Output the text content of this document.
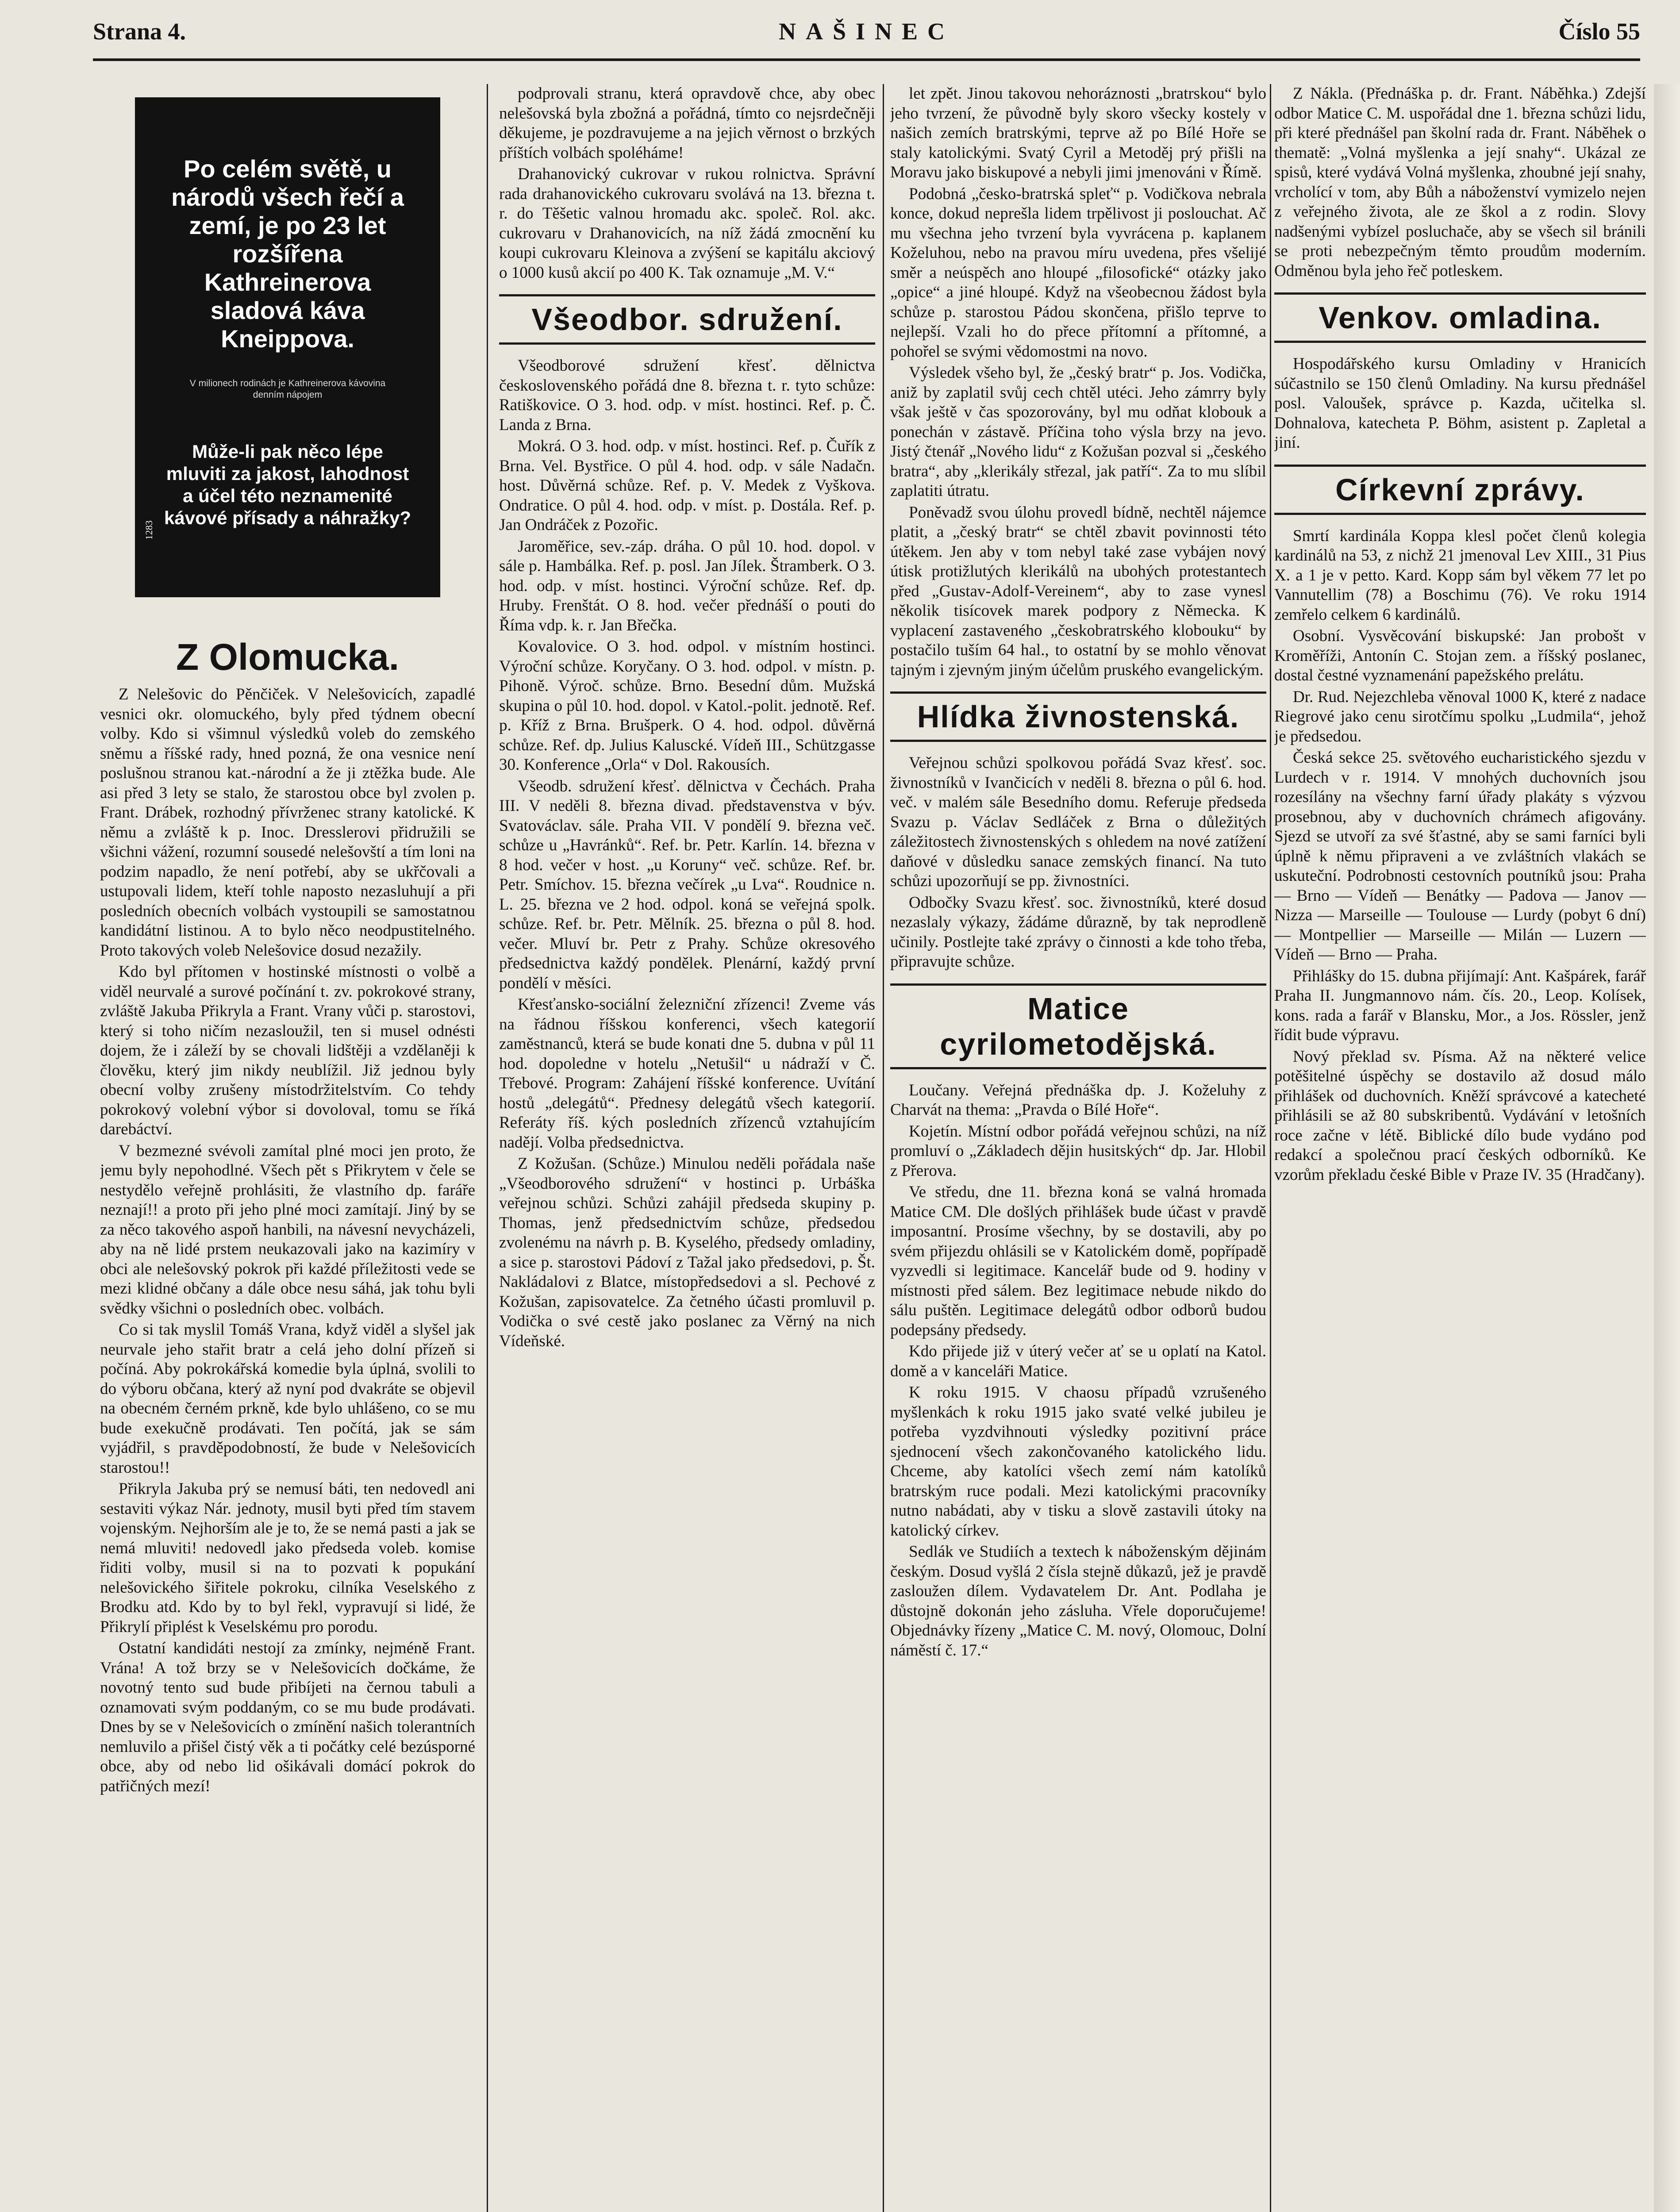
Strana 4.	NAŠINEC	Číslo 55
Po celém světě, u národů všech řečí a zemí, je po 23 let rozšířena Kathreinerova sladová káva Kneippova.
V milionech rodinách je Kathreinerova kávovina denním nápojem
Může-li pak něco lépe mluviti za jakost, lahodnost a účel této neznamenité kávové přísady a náhražky?
1283
Z Olomucka.

Z Nelešovic do Pěnčiček. V Nelešovicích, zapadlé vesnici okr. olomuckého, byly před týdnem obecní volby. Kdo si všimnul výsledků voleb do zemského sněmu a říšské rady, hned pozná, že ona vesnice není poslušnou stranou kat.-národní a že ji ztěžka bude. Ale asi před 3 lety se stalo, že starostou obce byl zvolen p. Frant. Drábek, rozhodný přívrženec strany katolické. K němu a zvláště k p. Inoc. Dresslerovi přidružili se všichni vážení, rozumní sousedé nelešovští a tím loni na podzim napadlo, že není potřebí, aby se ukřčovali a ustupovali lidem, kteří tohle naposto nezasluhují a při posledních obecních volbách vystoupili se samostatnou kandidátní listinou. A to bylo něco neodpustitelného. Proto takových voleb Nelešovice dosud nezažily.

Kdo byl přítomen v hostinské místnosti o volbě a viděl neurvalé a surové počínání t. zv. pokrokové strany, zvláště Jakuba Přikryla a Frant. Vrany vůči p. starostovi, který si toho ničím nezasloužil, ten si musel odnésti dojem, že i záleží by se chovali lidštěji a vzdělaněji k člověku, který jim nikdy neublížil. Již jednou byly obecní volby zrušeny místodržitelstvím. Co tehdy pokrokový volební výbor si dovoloval, tomu se říká darebáctví.

V bezmezné svévoli zamítal plné moci jen proto, že jemu byly nepohodlné. Všech pět s Přikrytem v čele se nestydělo veřejně prohlásiti, že vlastního dp. faráře neznají!! a proto při jeho plné moci zamítají. Jiný by se za něco takového aspoň hanbili, na návesní nevycházeli, aby na ně lidé prstem neukazovali jako na kazimíry v obci ale nelešovský pokrok při každé příležitosti vede se mezi klidné občany a dále obce nesu sáhá, jak tohu byli svědky všichni o posledních obec. volbách.

Co si tak myslil Tomáš Vrana, když viděl a slyšel jak neurvale jeho stařit bratr a celá jeho dolní přízeň si počíná. Aby pokrokářská komedie byla úplná, svolili to do výboru občana, který až nyní pod dvakráte se objevil na obecném černém prkně, kde bylo uhlášeno, co se mu bude exekučně prodávati. Ten počítá, jak se sám vyjádřil, s pravděpodobností, že bude v Nelešovicích starostou!!

Přikryla Jakuba prý se nemusí báti, ten nedovedl ani sestaviti výkaz Nár. jednoty, musil byti před tím stavem vojenským. Nejhorším ale je to, že se nemá pasti a jak se nemá mluviti! nedovedl jako předseda voleb. komise řiditi volby, musil si na to pozvati k popukání nelešovického šiřitele pokroku, cilníka Veselského z Brodku atd. Kdo by to byl řekl, vypravují si lidé, že Přikrylí připlést k Veselskému pro porodu.

Ostatní kandidáti nestojí za zmínky, nejméně Frant. Vrána! A tož brzy se v Nelešovicích dočkáme, že novotný tento sud bude přibíjeti na černou tabuli a oznamovati svým poddaným, co se mu bude prodávati. Dnes by se v Nelešovicích o zmínění našich tolerantních nemluvilo a přišel čistý věk a ti počátky celé bezúsporné obce, aby od nebo lid ošikávali domácí pokrok do patřičných mezí!

podprovali stranu, která opravdově chce, aby obec nelešovská byla zbožná a pořádná, tímto co nejsrdečněji děkujeme, je pozdravujeme a na jejich věrnost o brzkých příštích volbách spoléháme!

Drahanovický cukrovar v rukou rolnictva. Správní rada drahanovického cukrovaru svolává na 13. března t. r. do Těšetic valnou hromadu akc. společ. Rol. akc. cukrovaru v Drahanovicích, na níž žádá zmocnění ku koupi cukrovaru Kleinova a zvýšení se kapitálu akciový o 1000 kusů akcií po 400 K. Tak oznamuje „M. V.“

Všeodbor. sdružení.

Všeodborové sdružení křesť. dělnictva československého pořádá dne 8. března t. r. tyto schůze: Ratiškovice. O 3. hod. odp. v míst. hostinci. Ref. p. Č. Landa z Brna.

Mokrá. O 3. hod. odp. v míst. hostinci. Ref. p. Čuřík z Brna. Vel. Bystřice. O půl 4. hod. odp. v sále Nadačn. host. Důvěrná schůze. Ref. p. V. Medek z Vyškova. Ondratice. O půl 4. hod. odp. v míst. p. Dostála. Ref. p. Jan Ondráček z Pozořic.

Jaroměřice, sev.-záp. dráha. O půl 10. hod. dopol. v sále p. Hambálka. Ref. p. posl. Jan Jílek. Štramberk. O 3. hod. odp. v míst. hostinci. Výroční schůze. Ref. dp. Hruby. Frenštát. O 8. hod. večer přednáší o pouti do Říma vdp. k. r. Jan Břečka.

Kovalovice. O 3. hod. odpol. v místním hostinci. Výroční schůze. Koryčany. O 3. hod. odpol. v místn. p. Pihoně. Výroč. schůze. Brno. Besední dům. Mužská skupina o půl 10. hod. dopol. v Katol.-polit. jednotě. Ref. p. Kříž z Brna. Brušperk. O 4. hod. odpol. důvěrná schůze. Ref. dp. Julius Kaluscké. Vídeň III., Schützgasse 30. Konference „Orla“ v Dol. Rakousích.

Všeodb. sdružení křesť. dělnictva v Čechách. Praha III. V neděli 8. března divad. představenstva v býv. Svatováclav. sále. Praha VII. V pondělí 9. března več. schůze u „Havránků“. Ref. br. Petr. Karlín. 14. března v 8 hod. večer v host. „u Koruny“ več. schůze. Ref. br. Petr. Smíchov. 15. března večírek „u Lva“. Roudnice n. L. 25. března ve 2 hod. odpol. koná se veřejná spolk. schůze. Ref. br. Petr. Mělník. 25. března o půl 8. hod. večer. Mluví br. Petr z Prahy. Schůze okresového předsednictva každý pondělek. Plenární, každý první pondělí v měsíci.

Křesťansko-sociální železniční zřízenci! Zveme vás na řádnou říšskou konferenci, všech kategorií zaměstnanců, která se bude konati dne 5. dubna v půl 11 hod. dopoledne v hotelu „Netušil“ u nádraží v Č. Třebové. Program: Zahájení říšské konference. Uvítání hostů „delegátů“. Přednesy delegátů všech kategorií. Referáty říš. kých posledních zřízenců vztahujícím nadějí. Volba předsednictva.

Z Kožušan. (Schůze.) Minulou neděli pořádala naše „Všeodborového sdružení“ v hostinci p. Urbáška veřejnou schůzi. Schůzi zahájil předseda skupiny p. Thomas, jenž předsednictvím schůze, předsedou zvolenému na návrh p. B. Kyselého, předsedy omladiny, a sice p. starostovi Pádoví z Tažal jako předsedovi, p. Št. Nakládalovi z Blatce, místopředsedovi a sl. Pechové z Kožušan, zapisovatelce. Za četného účasti promluvil p. Vodička o své cestě jako poslanec za Věrný na nich Vídeňské.

let zpět. Jinou takovou nehoráznosti „bratrskou“ bylo jeho tvrzení, že původně byly skoro všecky kostely v našich zemích bratrskými, teprve až po Bílé Hoře se staly katolickými. Svatý Cyril a Metoděj prý přišli na Moravu jako biskupové a nebyli jimi jmenováni v Římě.

Podobná „česko-bratrská spleť“ p. Vodičkova nebrala konce, dokud neprešla lidem trpělivost ji poslouchat. Ač mu všechna jeho tvrzení byla vyvrácena p. kaplanem Koželuhou, nebo na pravou míru uvedena, přes všelijé směr a neúspěch ano hloupé „filosofické“ otázky jako „opice“ a jiné hloupé. Když na všeobecnou žádost byla schůze p. starostou Pádou skončena, přišlo teprve to nejlepší. Vzali ho do přece přítomní a přítomné, a pohořel se svými vědomostmi na novo.

Výsledek všeho byl, že „český bratr“ p. Jos. Vodička, aniž by zaplatil svůj cech chtěl utéci. Jeho zámrry byly však ještě v čas spozorovány, byl mu odňat klobouk a ponechán v zástavě. Příčina toho výsla brzy na jevo. Jistý čtenář „Nového lidu“ z Kožušan pozval si „českého bratra“, aby „klerikály střezal, jak patří“. Za to mu slíbil zaplatiti útratu.

Poněvadž svou úlohu provedl bídně, nechtěl nájemce platit, a „český bratr“ se chtěl zbavit povinnosti této útěkem. Jen aby v tom nebyl také zase vybájen nový útisk protižlutých klerikálů na ubohých protestantech před „Gustav-Adolf-Vereinem“, aby to zase vynesl několik tisícovek marek podpory z Německa. K vyplacení zastaveného „českobratrského klobouku“ by postačilo tuším 64 hal., to ostatní by se mohlo věnovat tajným i zjevným jiným účelům pruského evangelickým.

Hlídka živnostenská.

Veřejnou schůzi spolkovou pořádá Svaz křesť. soc. živnostníků v Ivančicích v neděli 8. března o půl 6. hod. več. v malém sále Besedního domu. Referuje předseda Svazu p. Václav Sedláček z Brna o důležitých záležitostech živnostenských s ohledem na nové zatížení daňové v důsledku sanace zemských financí. Na tuto schůzi upozorňují se pp. živnostníci.

Odbočky Svazu křesť. soc. živnostníků, které dosud nezaslaly výkazy, žádáme důrazně, by tak neprodleně učinily. Postlejte také zprávy o činnosti a kde toho třeba, připravujte schůze.

Matice cyrilometodějská.

Loučany. Veřejná přednáška dp. J. Koželuhy z Charvát na thema: „Pravda o Bílé Hoře“.

Kojetín. Místní odbor pořádá veřejnou schůzi, na níž promluví o „Základech dějin husitských“ dp. Jar. Hlobil z Přerova.

Ve středu, dne 11. března koná se valná hromada Matice CM. Dle došlých přihlášek bude účast v pravdě imposantní. Prosíme všechny, by se dostavili, aby po svém přijezdu ohlásili se v Katolickém domě, popřípadě vyzvedli si legitimace. Kancelář bude od 9. hodiny v místnosti před sálem. Bez legitimace nebude nikdo do sálu puštěn. Legitimace delegátů odbor odborů budou podepsány předsedy.

Kdo přijede již v úterý večer ať se u oplatí na Katol. domě a v kanceláři Matice.

K roku 1915. V chaosu případů vzrušeného myšlenkách k roku 1915 jako svaté velké jubileu je potřeba vyzdvihnouti výsledky pozitivní práce sjednocení všech zakončovaného katolického lidu. Chceme, aby katolíci všech zemí nám katolíků bratrským ruce podali. Mezi katolickými pracovníky nutno nabádati, aby v tisku a slově zastavili útoky na katolický církev.

Sedlák ve Studiích a textech k náboženským dějinám českým. Dosud vyšlá 2 čísla stejně důkazů, jež je pravdě zasloužen dílem. Vydavatelem Dr. Ant. Podlaha je důstojně dokonán jeho zásluha. Vřele doporučujeme! Objednávky řízeny „Matice C. M. nový, Olomouc, Dolní náměstí č. 17.“

Z Nákla. (Přednáška p. dr. Frant. Náběhka.) Zdejší odbor Matice C. M. uspořádal dne 1. března schůzi lidu, při které přednášel pan školní rada dr. Frant. Náběhek o thematě: „Volná myšlenka a její snahy“. Ukázal ze spisů, které vydává Volná myšlenka, zhoubné její snahy, vrcholící v tom, aby Bůh a náboženství vymizelo nejen z veřejného života, ale ze škol a z rodin. Slovy nadšenými vybízel posluchače, aby se všech sil bránili se proti nebezpečným těmto proudům moderním. Odměnou byla jeho řeč potleskem.

Venkov. omladina.

Hospodářského kursu Omladiny v Hranicích súčastnilo se 150 členů Omladiny. Na kursu přednášel posl. Valoušek, správce p. Kazda, učitelka sl. Dohnalova, katecheta P. Böhm, asistent p. Zapletal a jiní.

Církevní zprávy.

Smrtí kardinála Koppa klesl počet členů kolegia kardinálů na 53, z nichž 21 jmenoval Lev XIII., 31 Pius X. a 1 je v petto. Kard. Kopp sám byl věkem 77 let po Vannutellim (78) a Boschimu (76). Ve roku 1914 zemřelo celkem 6 kardinálů.

Osobní. Vysvěcování biskupské: Jan probošt v Kroměříži, Antonín C. Stojan zem. a říšský poslanec, dostal čestné vyznamenání papežského prelátu.

Dr. Rud. Nejezchleba věnoval 1000 K, které z nadace Riegrové jako cenu sirotčímu spolku „Ludmila“, jehož je předsedou.

Česká sekce 25. světového eucharistického sjezdu v Lurdech v r. 1914. V mnohých duchovních jsou rozesílány na všechny farní úřady plakáty s výzvou prosebnou, aby v duchovních chrámech afigovány. Sjezd se utvoří za své šťastné, aby se sami farníci byli úplně k němu připraveni a ve zvláštních vlakách se uskuteční. Podrobnosti cestovních poutníků jsou: Praha — Brno — Vídeň — Benátky — Padova — Janov — Nizza — Marseille — Toulouse — Lurdy (pobyt 6 dní) — Montpellier — Marseille — Milán — Luzern — Vídeň — Brno — Praha.

Přihlášky do 15. dubna přijímají: Ant. Kašpárek, farář Praha II. Jungmannovo nám. čís. 20., Leop. Kolísek, kons. rada a farář v Blansku, Mor., a Jos. Rössler, jenž řídit bude výpravu.

Nový překlad sv. Písma. Až na některé velice potěšitelné úspěchy se dostavilo až dosud málo přihlášek od duchovních. Kněží správcové a katecheté přihlásili se až 80 subskribentů. Vydávání v letošních roce začne v létě. Biblické dílo bude vydáno pod redakcí a společnou prací českých odborníků. Ke vzorům překladu české Bible v Praze IV. 35 (Hradčany).
